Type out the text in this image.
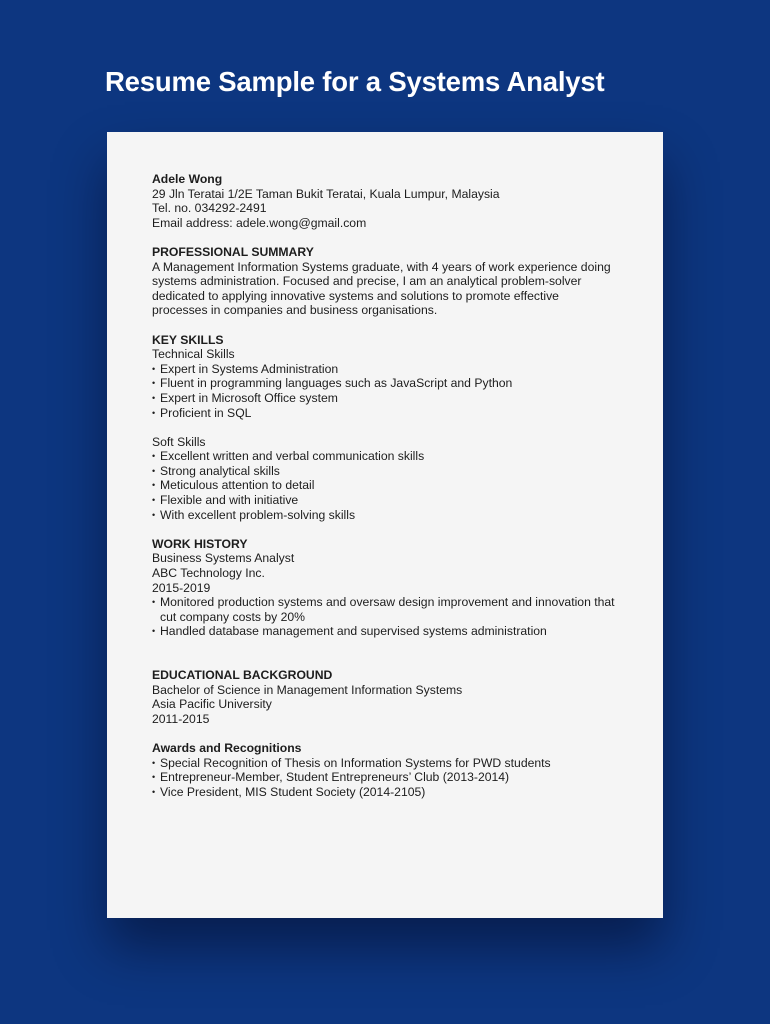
Resume Sample for a Systems Analyst
Adele Wong
29 Jln Teratai 1/2E Taman Bukit Teratai, Kuala Lumpur, Malaysia
Tel. no. 034292-2491
Email address: adele.wong@gmail.com
PROFESSIONAL SUMMARY
A Management Information Systems graduate, with 4 years of work experience doing
systems administration. Focused and precise, I am an analytical problem-solver
dedicated to applying innovative systems and solutions to promote effective
processes in companies and business organisations.
KEY SKILLS
Technical Skills
• Expert in Systems Administration
• Fluent in programming languages such as JavaScript and Python
• Expert in Microsoft Office system
• Proficient in SQL
Soft Skills
• Excellent written and verbal communication skills
• Strong analytical skills
• Meticulous attention to detail
• Flexible and with initiative
• With excellent problem-solving skills
WORK HISTORY
Business Systems Analyst
ABC Technology Inc.
2015-2019
• Monitored production systems and oversaw design improvement and innovation that cut company costs by 20%
• Handled database management and supervised systems administration
EDUCATIONAL BACKGROUND
Bachelor of Science in Management Information Systems
Asia Pacific University
2011-2015
Awards and Recognitions
• Special Recognition of Thesis on Information Systems for PWD students
• Entrepreneur-Member, Student Entrepreneurs’ Club (2013-2014)
• Vice President, MIS Student Society (2014-2105)
